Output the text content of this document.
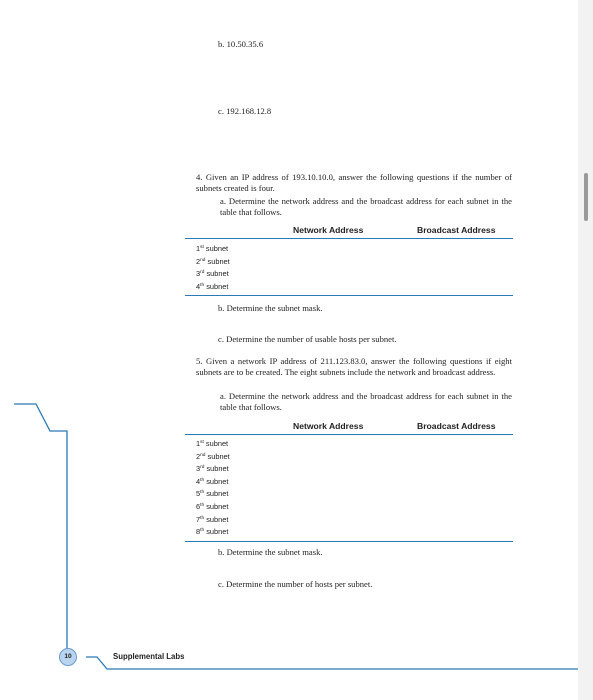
b. 10.50.35.6
c. 192.168.12.8
4. Given an IP address of 193.10.10.0, answer the following questions if the number of subnets created is four.
a. Determine the network address and the broadcast address for each subnet in the table that follows.
Network Address	Broadcast Address
1st subnet
2nd subnet
3rd subnet
4th subnet
b. Determine the subnet mask.
c. Determine the number of usable hosts per subnet.
5. Given a network IP address of 211.123.83.0, answer the following questions if eight subnets are to be created. The eight subnets include the network and broadcast address.
a. Determine the network address and the broadcast address for each subnet in the table that follows.
Network Address	Broadcast Address
1st subnet
2nd subnet
3rd subnet
4th subnet
5th subnet
6th subnet
7th subnet
8th subnet
b. Determine the subnet mask.
c. Determine the number of hosts per subnet.
10	Supplemental Labs
